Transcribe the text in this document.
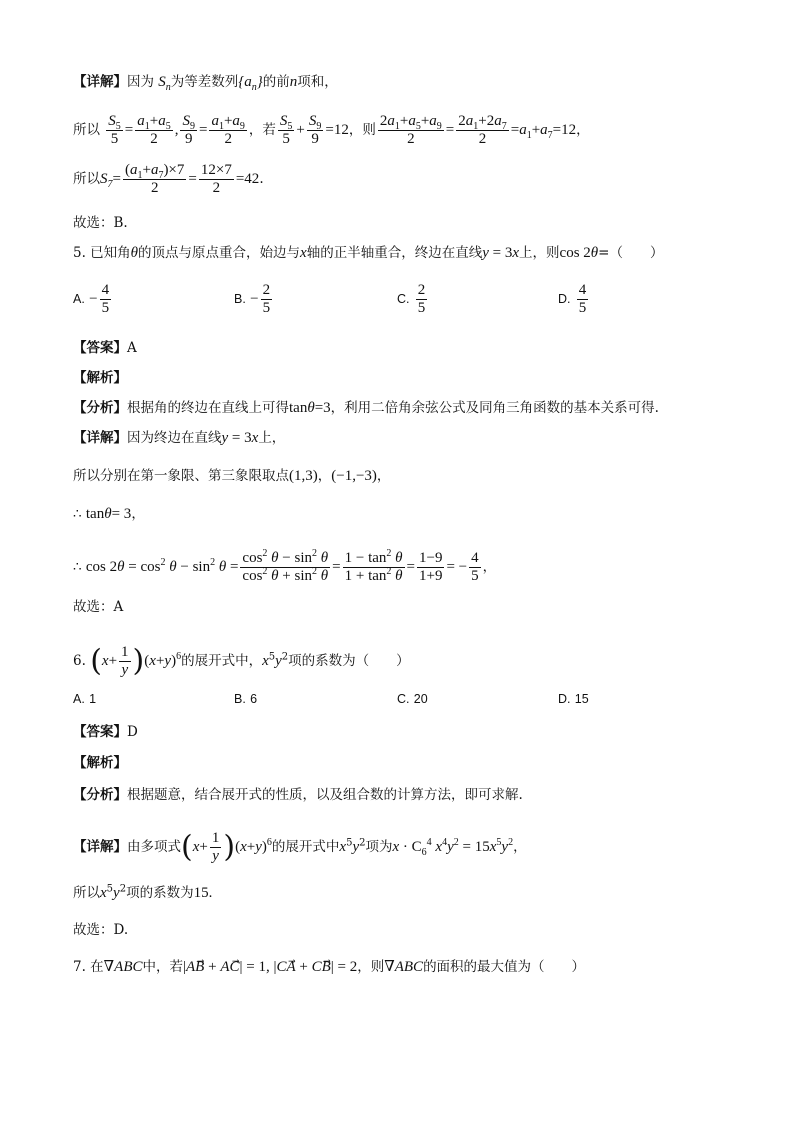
【详解】因为 $S_n$为等差数列$\{a_n\}$的前n项和，
所以 $\frac{S_5}{5} = \frac{a_1+a_5}{2}$ , $\frac{S_9}{9} = \frac{a_1+a_9}{2}$ ，若 $\frac{S_5}{5} + \frac{S_9}{9} =12$，则 $\frac{2a_1+a_5+a_9}{2} = \frac{2a_1+2a_7}{2} =a_1+a_7=12$，
所以$S_7= \frac{(a_1+a_7)\times 7}{2} = \frac{12\times 7}{2} =42$.
故选：B.
5. 已知角θ的顶点与原点重合，始边与x轴的正半轴重合，终边在直线y = 3x上，则cos 2θ=（　　）
A. − $\frac{4}{5}$	B. − $\frac{2}{5}$	C. $\frac{2}{5}$	D. $\frac{4}{5}$
【答案】A
【解析】
【分析】根据角的终边在直线上可得tanθ=3，利用二倍角余弦公式及同角三角函数的基本关系可得.
【详解】因为终边在直线y = 3x上，
所以分别在第一象限、第三象限取点(1,3)，(−1,−3)，
∴ tanθ= 3，
∴ $\cos 2\theta = \cos^2 \theta - \sin^2 \theta = \frac{\cos^2 \theta - \sin^2 \theta}{\cos^2 \theta + \sin^2 \theta} = \frac{1 - \tan^2 \theta}{1 + \tan^2 \theta} = \frac{1-9}{1+9}$ = − $\frac{4}{5}$ ，
故选：A
6. $(x+ \frac{1}{y} )(x+y)^6$的展开式中，$x^5y^2$项的系数为（　　）
A. 1	B. 6	C. 20	D. 15
【答案】D
【解析】
【分析】根据题意，结合展开式的性质，以及组合数的计算方法，即可求解.
【详解】由多项式$(x+ \frac{1}{y} )(x+y)^6$的展开式中$x^5y^2$项为$x \cdot C_6^4$ $x^4y^2 = 15x^5y^2$，
所以$x^5y^2$项的系数为15.
故选：D.
7. 在∇ABC中，若|AB⃗ + AC⃗| = 1, |CA⃗ + CB⃗| = 2，则∇ABC的面积的最大值为（　　）
